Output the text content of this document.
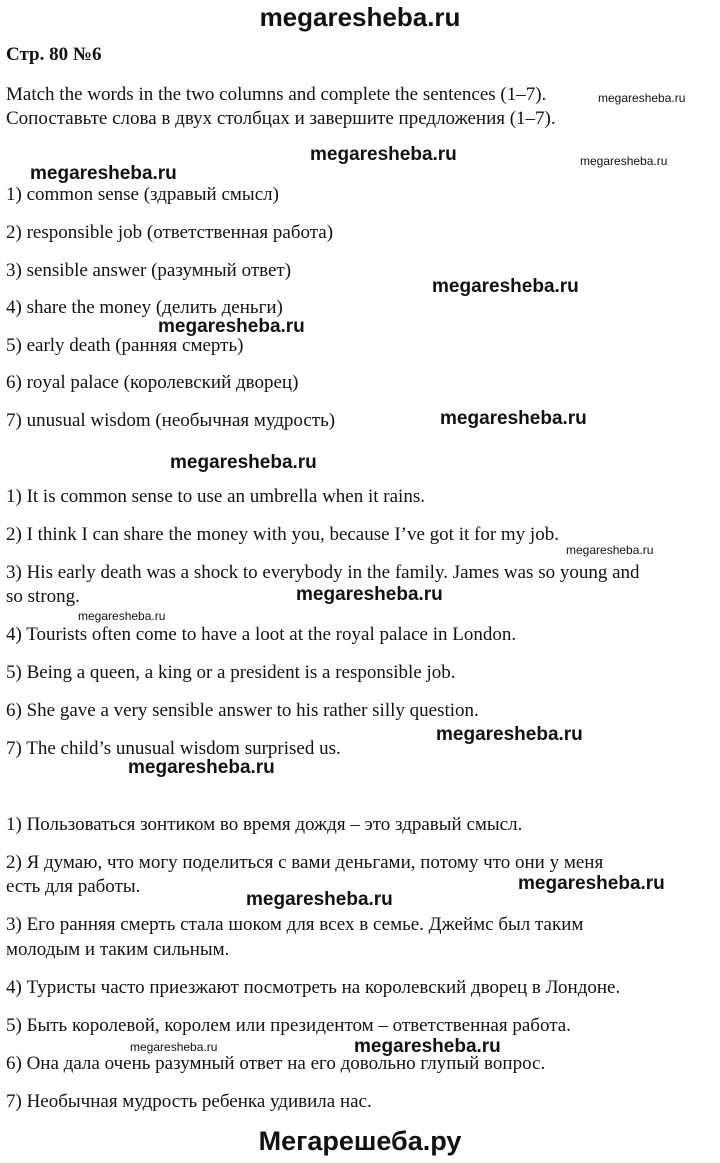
megaresheba.ru
Стр. 80 №6
Match the words in the two columns and complete the sentences (1–7).
Сопоставьте слова в двух столбцах и завершите предложения (1–7).
1) common sense (здравый смысл)
2) responsible job (ответственная работа)
3) sensible answer (разумный ответ)
4) share the money (делить деньги)
5) early death (ранняя смерть)
6) royal palace (королевский дворец)
7) unusual wisdom (необычная мудрость)
1) It is common sense to use an umbrella when it rains.
2) I think I can share the money with you, because I’ve got it for my job.
3) His early death was a shock to everybody in the family. James was so young and
so strong.
4) Tourists often come to have a loot at the royal palace in London.
5) Being a queen, a king or a president is a responsible job.
6) She gave a very sensible answer to his rather silly question.
7) The child’s unusual wisdom surprised us.
1) Пользоваться зонтиком во время дождя – это здравый смысл.
2) Я думаю, что могу поделиться с вами деньгами, потому что они у меня
есть для работы.
3) Его ранняя смерть стала шоком для всех в семье. Джеймс был таким
молодым и таким сильным.
4) Туристы часто приезжают посмотреть на королевский дворец в Лондоне.
5) Быть королевой, королем или президентом – ответственная работа.
6) Она дала очень разумный ответ на его довольно глупый вопрос.
7) Необычная мудрость ребенка удивила нас.
megaresheba.ru
megaresheba.ru	megaresheba.ru
megaresheba.ru
megaresheba.ru
megaresheba.ru
megaresheba.ru
megaresheba.ru
megaresheba.ru
megaresheba.ru
megaresheba.ru
megaresheba.ru
megaresheba.ru
megaresheba.ru
megaresheba.ru
megaresheba.ru	megaresheba.ru
Мегарешеба.ру
